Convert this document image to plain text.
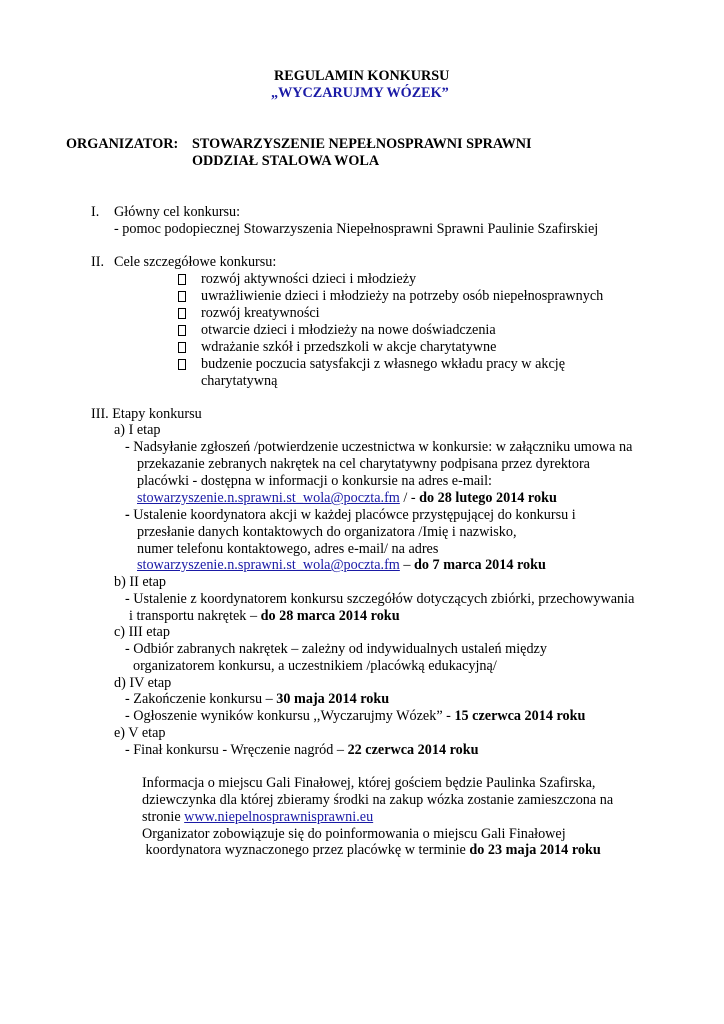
REGULAMIN KONKURSU
„WYCZARUJMY WÓZEK”
ORGANIZATOR: STOWARZYSZENIE NEPEŁNOSPRAWNI SPRAWNI
ODDZIAŁ STALOWA WOLA
I. Główny cel konkursu:
- pomoc podopiecznej Stowarzyszenia Niepełnosprawni Sprawni Paulinie Szafirskiej
II. Cele szczegółowe konkursu:
rozwój aktywności dzieci i młodzieży
uwrażliwienie dzieci i młodzieży na potrzeby osób niepełnosprawnych
rozwój kreatywności
otwarcie dzieci i młodzieży na nowe doświadczenia
wdrażanie szkół i przedszkoli w akcje charytatywne
budzenie poczucia satysfakcji z własnego wkładu pracy w akcję
charytatywną
III. Etapy konkursu
a) I etap
- Nadsyłanie zgłoszeń /potwierdzenie uczestnictwa w konkursie: w załączniku umowa na
przekazanie zebranych nakrętek na cel charytatywny podpisana przez dyrektora
placówki - dostępna w informacji o konkursie na adres e-mail:
stowarzyszenie.n.sprawni.st_wola@poczta.fm / - do 28 lutego 2014 roku
- Ustalenie koordynatora akcji w każdej placówce przystępującej do konkursu i
przesłanie danych kontaktowych do organizatora /Imię i nazwisko,
numer telefonu kontaktowego, adres e-mail/ na adres
stowarzyszenie.n.sprawni.st_wola@poczta.fm – do 7 marca 2014 roku
b) II etap
- Ustalenie z koordynatorem konkursu szczegółów dotyczących zbiórki, przechowywania
i transportu nakrętek – do 28 marca 2014 roku
c) III etap
- Odbiór zabranych nakrętek – zależny od indywidualnych ustaleń między
organizatorem konkursu, a uczestnikiem /placówką edukacyjną/
d) IV etap
- Zakończenie konkursu – 30 maja 2014 roku
- Ogłoszenie wyników konkursu ,,Wyczarujmy Wózek” - 15 czerwca 2014 roku
e) V etap
- Finał konkursu - Wręczenie nagród – 22 czerwca 2014 roku
Informacja o miejscu Gali Finałowej, której gościem będzie Paulinka Szafirska,
dziewczynka dla której zbieramy środki na zakup wózka zostanie zamieszczona na
stronie www.niepelnosprawnisprawni.eu
Organizator zobowiązuje się do poinformowania o miejscu Gali Finałowej
koordynatora wyznaczonego przez placówkę w terminie do 23 maja 2014 roku
